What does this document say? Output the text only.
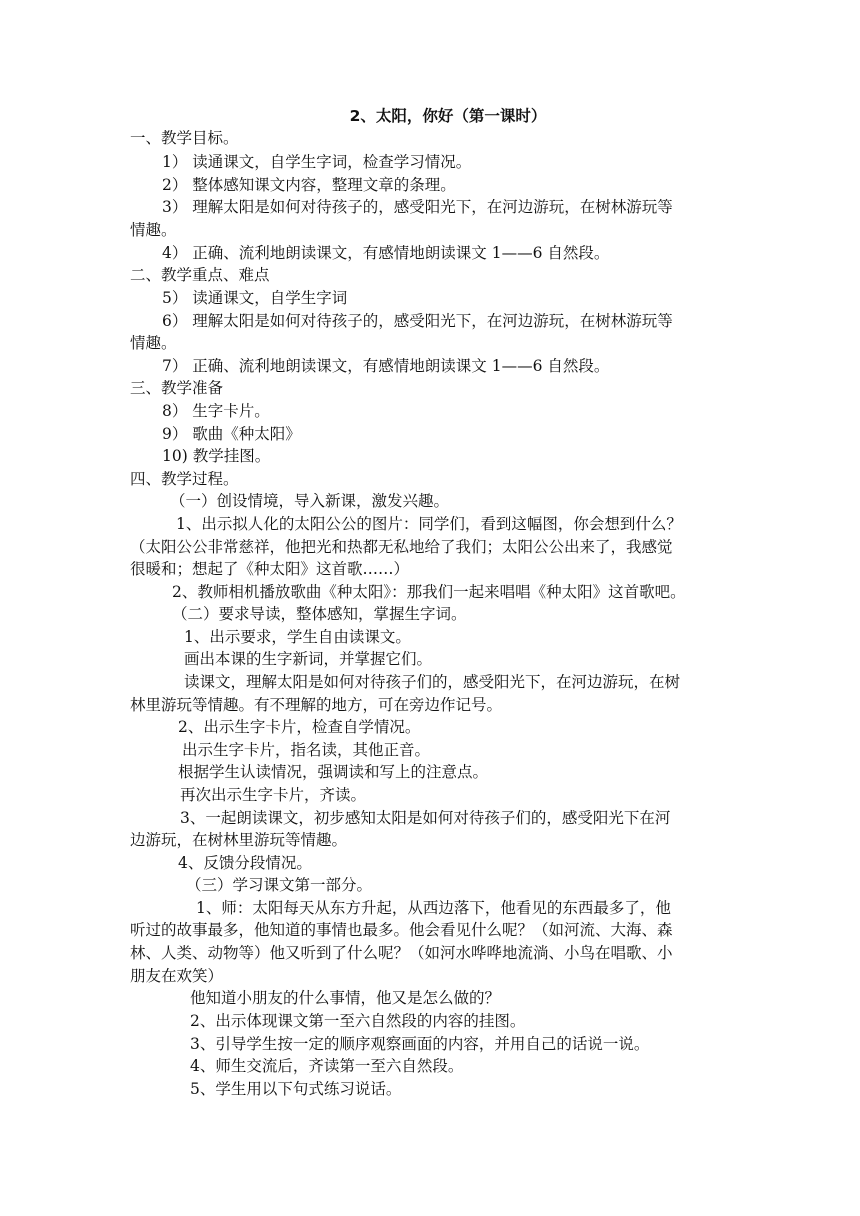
2、太阳，你好（第一课时）
一、教学目标。
1） 读通课文，自学生字词，检查学习情况。
2） 整体感知课文内容，整理文章的条理。
3） 理解太阳是如何对待孩子的，感受阳光下，在河边游玩，在树林游玩等
情趣。
4） 正确、流利地朗读课文，有感情地朗读课文 1——6 自然段。
二、教学重点、难点
5） 读通课文，自学生字词
6） 理解太阳是如何对待孩子的，感受阳光下，在河边游玩，在树林游玩等
情趣。
7） 正确、流利地朗读课文，有感情地朗读课文 1——6 自然段。
三、教学准备
8） 生字卡片。
9） 歌曲《种太阳》
10) 教学挂图。
四、教学过程。
（一）创设情境，导入新课，激发兴趣。
1、出示拟人化的太阳公公的图片：同学们，看到这幅图，你会想到什么？
（太阳公公非常慈祥，他把光和热都无私地给了我们；太阳公公出来了，我感觉
很暖和；想起了《种太阳》这首歌……）
2、教师相机播放歌曲《种太阳》：那我们一起来唱唱《种太阳》这首歌吧。
（二）要求导读，整体感知，掌握生字词。
1、出示要求，学生自由读课文。
画出本课的生字新词，并掌握它们。
读课文，理解太阳是如何对待孩子们的，感受阳光下，在河边游玩，在树
林里游玩等情趣。有不理解的地方，可在旁边作记号。
2、出示生字卡片，检查自学情况。
出示生字卡片，指名读，其他正音。
根据学生认读情况，强调读和写上的注意点。
再次出示生字卡片，齐读。
3、一起朗读课文，初步感知太阳是如何对待孩子们的，感受阳光下在河
边游玩，在树林里游玩等情趣。
4、反馈分段情况。
（三）学习课文第一部分。
1、师：太阳每天从东方升起，从西边落下，他看见的东西最多了，他
听过的故事最多，他知道的事情也最多。他会看见什么呢？（如河流、大海、森
林、人类、动物等）他又听到了什么呢？（如河水哗哗地流淌、小鸟在唱歌、小
朋友在欢笑）
他知道小朋友的什么事情，他又是怎么做的？
2、出示体现课文第一至六自然段的内容的挂图。
3、引导学生按一定的顺序观察画面的内容，并用自己的话说一说。
4、师生交流后，齐读第一至六自然段。
5、学生用以下句式练习说话。
